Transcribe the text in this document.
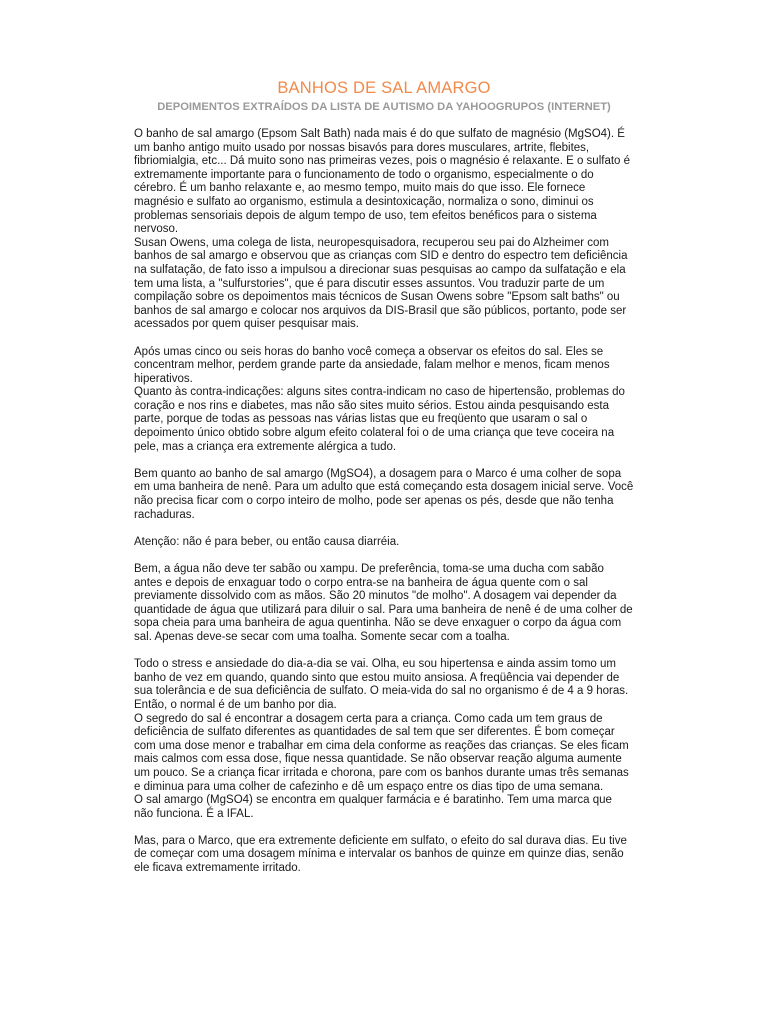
BANHOS DE SAL AMARGO
DEPOIMENTOS EXTRAÍDOS DA LISTA DE AUTISMO DA YAHOOGRUPOS (INTERNET)

O banho de sal amargo (Epsom Salt Bath) nada mais é do que sulfato de magnésio (MgSO4). É um banho antigo muito usado por nossas bisavós para dores musculares, artrite, flebites, fibriomialgia, etc... Dá muito sono nas primeiras vezes, pois o magnésio é relaxante. E o sulfato é extremamente importante para o funcionamento de todo o organismo, especialmente o do cérebro. É um banho relaxante e, ao mesmo tempo, muito mais do que isso. Ele fornece magnésio e sulfato ao organismo, estimula a desintoxicação, normaliza o sono, diminui os problemas sensoriais depois de algum tempo de uso, tem efeitos benéficos para o sistema nervoso.

Susan Owens, uma colega de lista, neuropesquisadora, recuperou seu pai do Alzheimer com banhos de sal amargo e observou que as crianças com SID e dentro do espectro tem deficiência na sulfatação, de fato isso a impulsou a direcionar suas pesquisas ao campo da sulfatação e ela tem uma lista, a "sulfurstories", que é para discutir esses assuntos. Vou traduzir parte de um compilação sobre os depoimentos mais técnicos de Susan Owens sobre "Epsom salt baths" ou banhos de sal amargo e colocar nos arquivos da DIS-Brasil que são públicos, portanto, pode ser acessados por quem quiser pesquisar mais.

Após umas cinco ou seis horas do banho você começa a observar os efeitos do sal. Eles se concentram melhor, perdem grande parte da ansiedade, falam melhor e menos, ficam menos hiperativos.

Quanto às contra-indicações: alguns sites contra-indicam no caso de hipertensão, problemas do coração e nos rins e diabetes, mas não são sites muito sérios. Estou ainda pesquisando esta parte, porque de todas as pessoas nas várias listas que eu freqüento que usaram o sal o depoimento único obtido sobre algum efeito colateral foi o de uma criança que teve coceira na pele, mas a criança era extremente alérgica a tudo.

Bem quanto ao banho de sal amargo (MgSO4), a dosagem para o Marco é uma colher de sopa em uma banheira de nenê. Para um adulto que está começando esta dosagem inicial serve. Você não precisa ficar com o corpo inteiro de molho, pode ser apenas os pés, desde que não tenha rachaduras.

Atenção: não é para beber, ou então causa diarréia.

Bem, a água não deve ter sabão ou xampu. De preferência, toma-se uma ducha com sabão antes e depois de enxaguar todo o corpo entra-se na banheira de água quente com o sal previamente dissolvido com as mãos. São 20 minutos "de molho". A dosagem vai depender da quantidade de água que utilizará para diluir o sal. Para uma banheira de nenê é de uma colher de sopa cheia para uma banheira de agua quentinha. Não se deve enxaguer o corpo da água com sal. Apenas deve-se secar com uma toalha. Somente secar com a toalha.

Todo o stress e ansiedade do dia-a-dia se vai. Olha, eu sou hipertensa e ainda assim tomo um banho de vez em quando, quando sinto que estou muito ansiosa. A freqüência vai depender de sua tolerância e de sua deficiência de sulfato. O meia-vida do sal no organismo é de 4 a 9 horas. Então, o normal é de um banho por dia.

O segredo do sal é encontrar a dosagem certa para a criança. Como cada um tem graus de deficiência de sulfato diferentes as quantidades de sal tem que ser diferentes. É bom começar com uma dose menor e trabalhar em cima dela conforme as reações das crianças. Se eles ficam mais calmos com essa dose, fique nessa quantidade. Se não observar reação alguma aumente um pouco. Se a criança ficar irritada e chorona, pare com os banhos durante umas três semanas e diminua para uma colher de cafezinho e dê um espaço entre os dias tipo de uma semana.

O sal amargo (MgSO4) se encontra em qualquer farmácia e é baratinho. Tem uma marca que não funciona. É a IFAL.

Mas, para o Marco, que era extremente deficiente em sulfato, o efeito do sal durava dias. Eu tive de começar com uma dosagem mínima e intervalar os banhos de quinze em quinze dias, senão ele ficava extremamente irritado.
